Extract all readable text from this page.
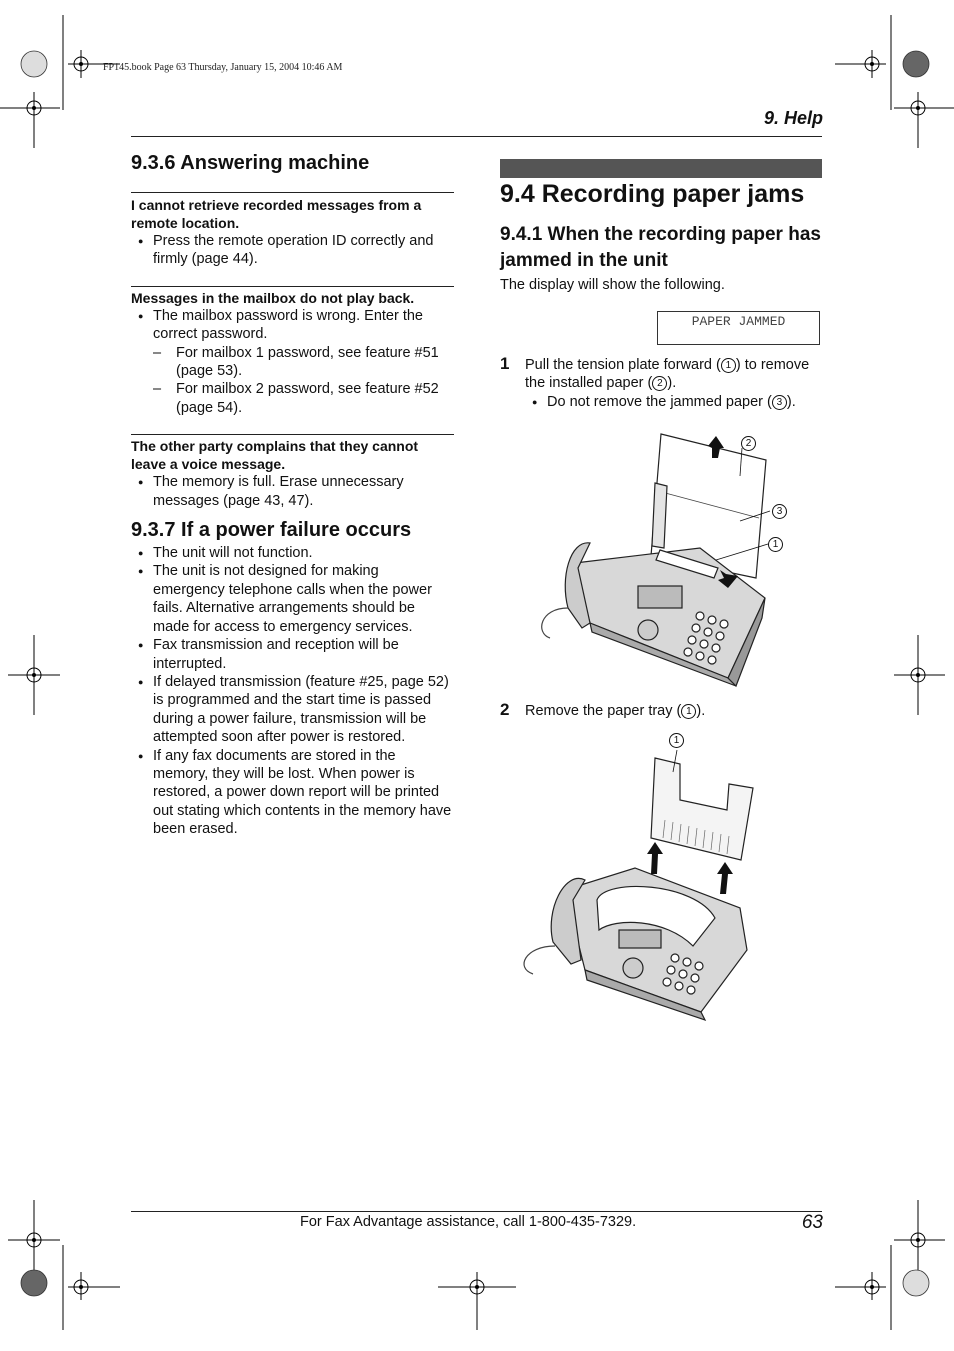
FP145.book Page 63 Thursday, January 15, 2004 10:46 AM
9. Help
9.3.6 Answering machine
I cannot retrieve recorded messages from a remote location.
● Press the remote operation ID correctly and firmly (page 44).
Messages in the mailbox do not play back.
● The mailbox password is wrong. Enter the correct password.
– For mailbox 1 password, see feature #51 (page 53).
– For mailbox 2 password, see feature #52 (page 54).
The other party complains that they cannot leave a voice message.
● The memory is full. Erase unnecessary messages (page 43, 47).
9.3.7 If a power failure occurs
● The unit will not function.
● The unit is not designed for making emergency telephone calls when the power fails. Alternative arrangements should be made for access to emergency services.
● Fax transmission and reception will be interrupted.
● If delayed transmission (feature #25, page 52) is programmed and the start time is passed during a power failure, transmission will be attempted soon after power is restored.
● If any fax documents are stored in the memory, they will be lost. When power is restored, a power down report will be printed out stating which contents in the memory have been erased.
9.4 Recording paper jams
9.4.1 When the recording paper has jammed in the unit
The display will show the following.
PAPER JAMMED
1 Pull the tension plate forward ( 1 ) to remove the installed paper ( 2 ).
● Do not remove the jammed paper ( 3 ).
2
3
1
2 Remove the paper tray ( 1 ).
1
For Fax Advantage assistance, call 1-800-435-7329.	63
